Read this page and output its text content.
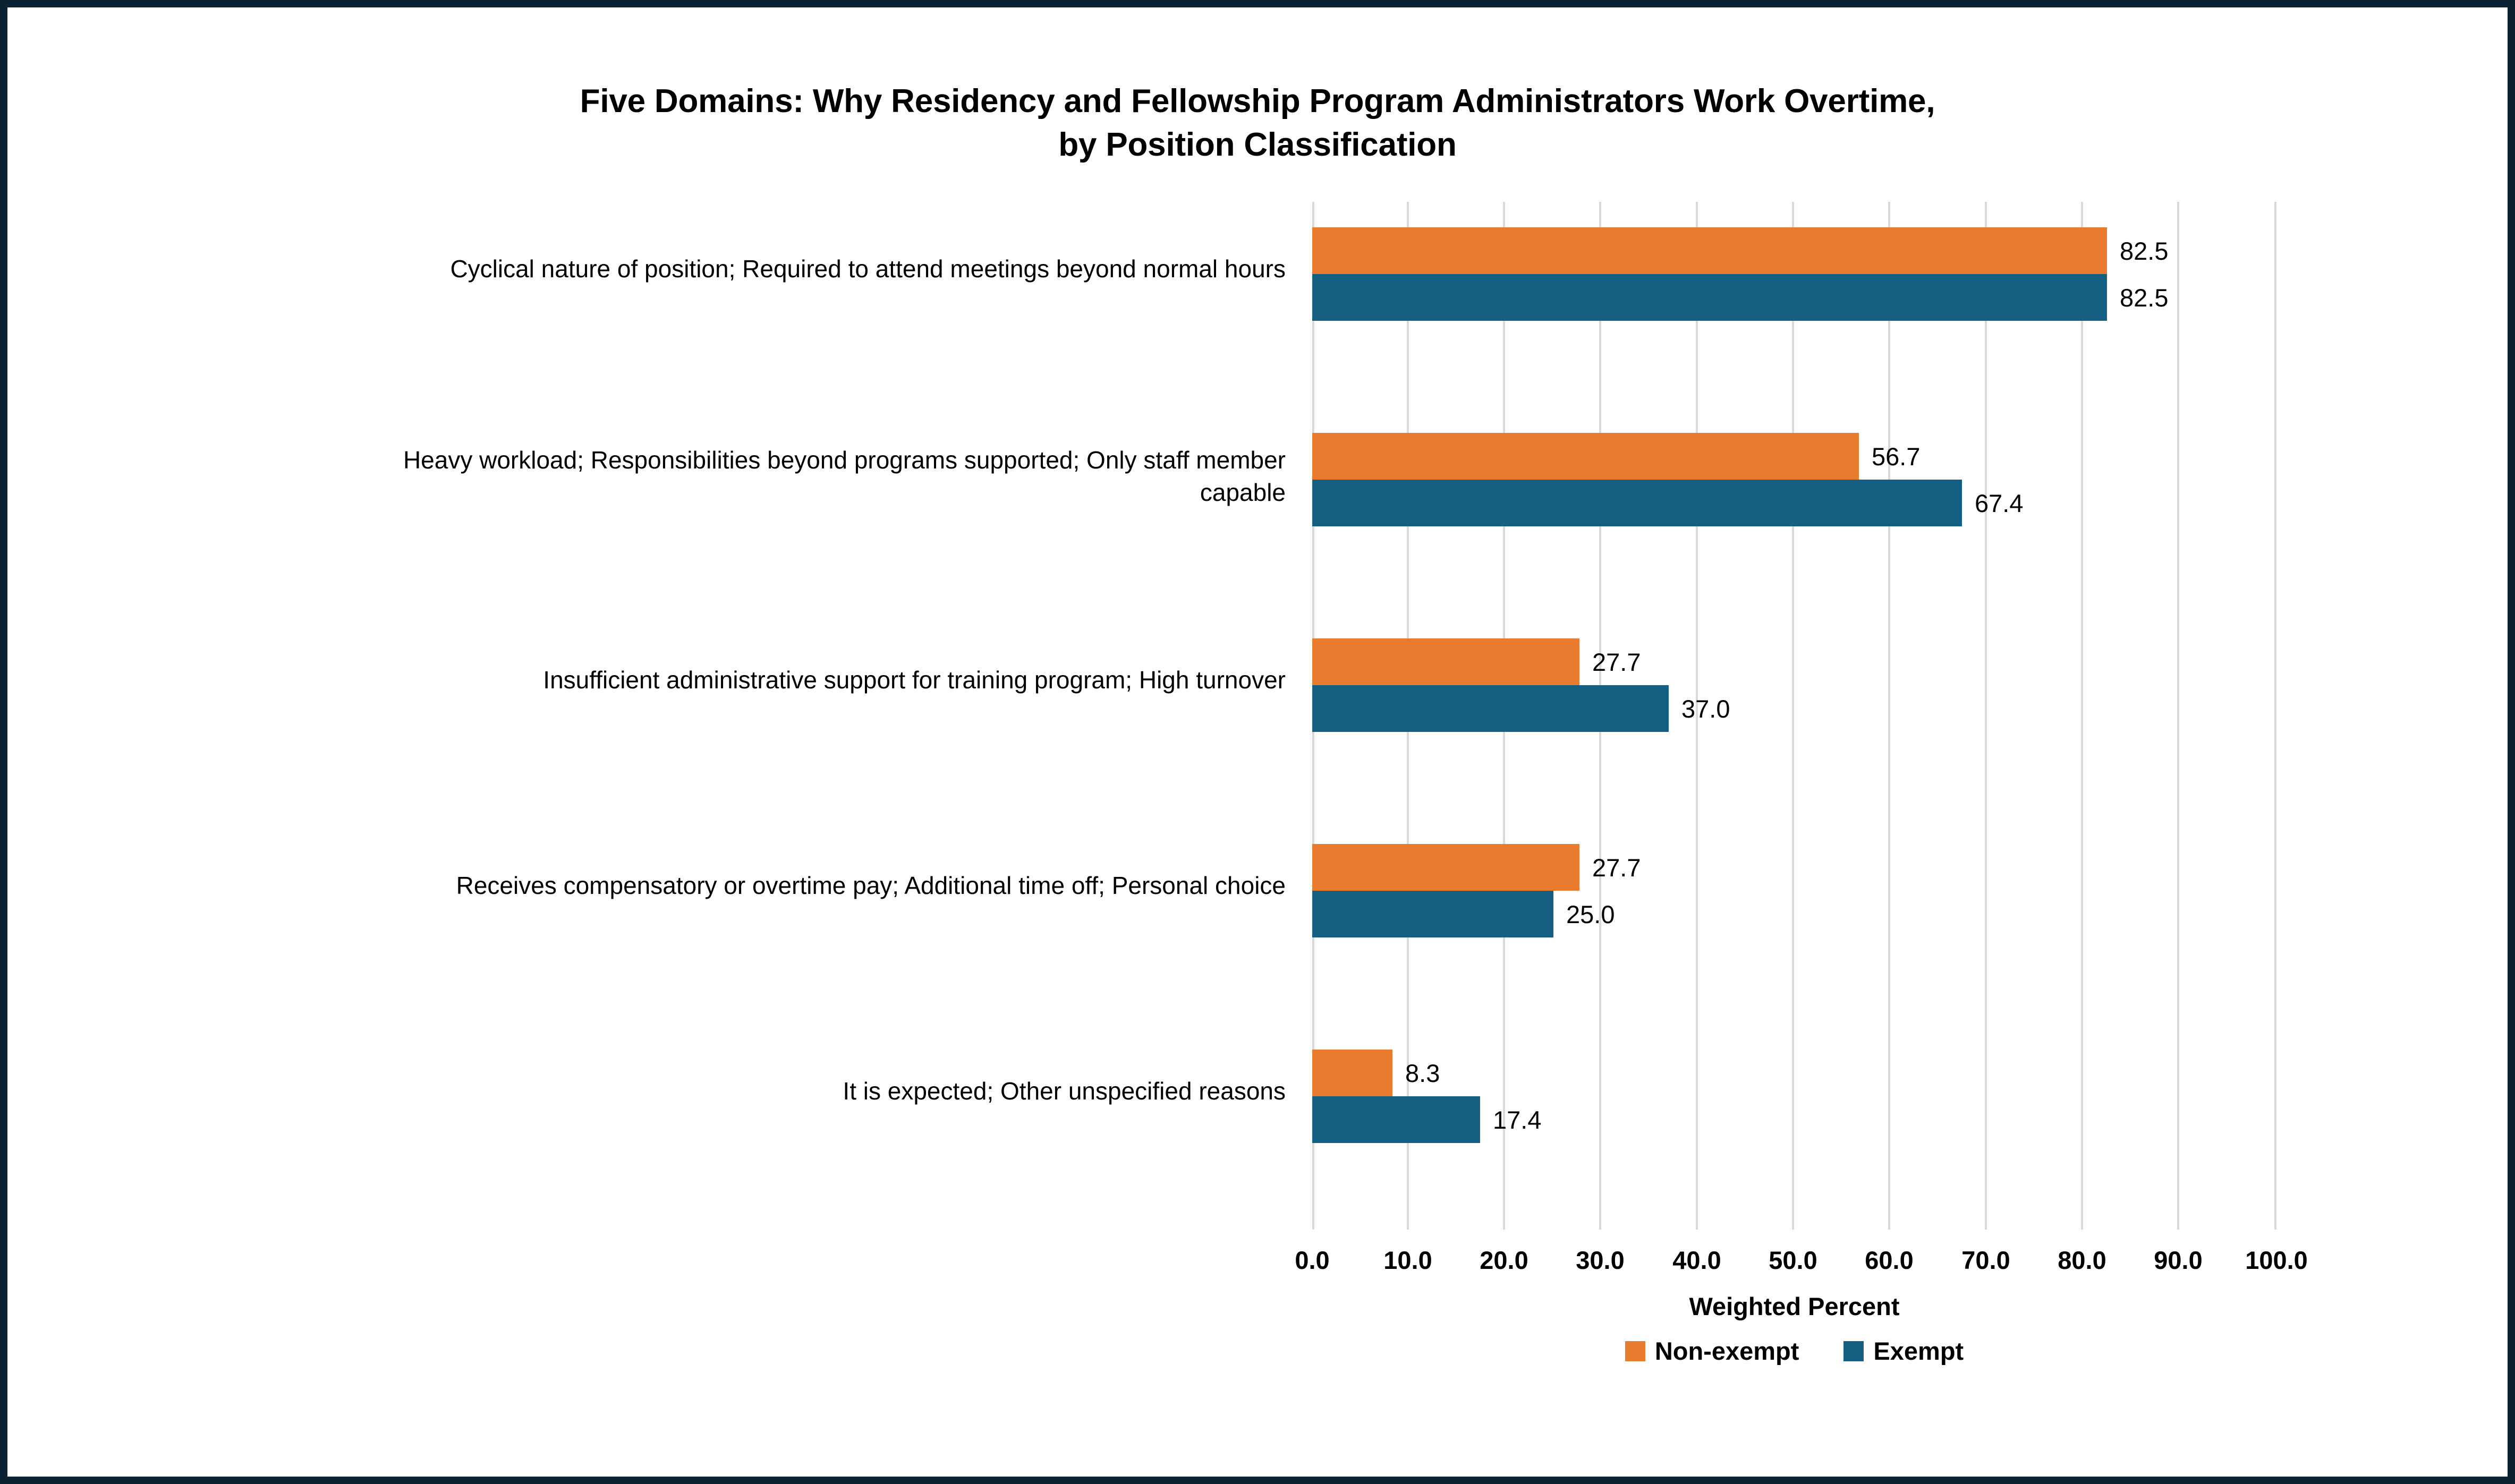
Five Domains: Why Residency and Fellowship Program Administrators Work Overtime,
by Position Classification
Cyclical nature of position; Required to attend meetings beyond normal hours
Heavy workload; Responsibilities beyond programs supported; Only staff member capable
Insufficient administrative support for training program; High turnover
Receives compensatory or overtime pay; Additional time off; Personal choice
It is expected; Other unspecified reasons
82.5
82.5
56.7
67.4
27.7
37.0
27.7
25.0
8.3
17.4
0.0 10.0 20.0 30.0 40.0 50.0 60.0 70.0 80.0 90.0 100.0
Weighted Percent
Non-exempt	Exempt
